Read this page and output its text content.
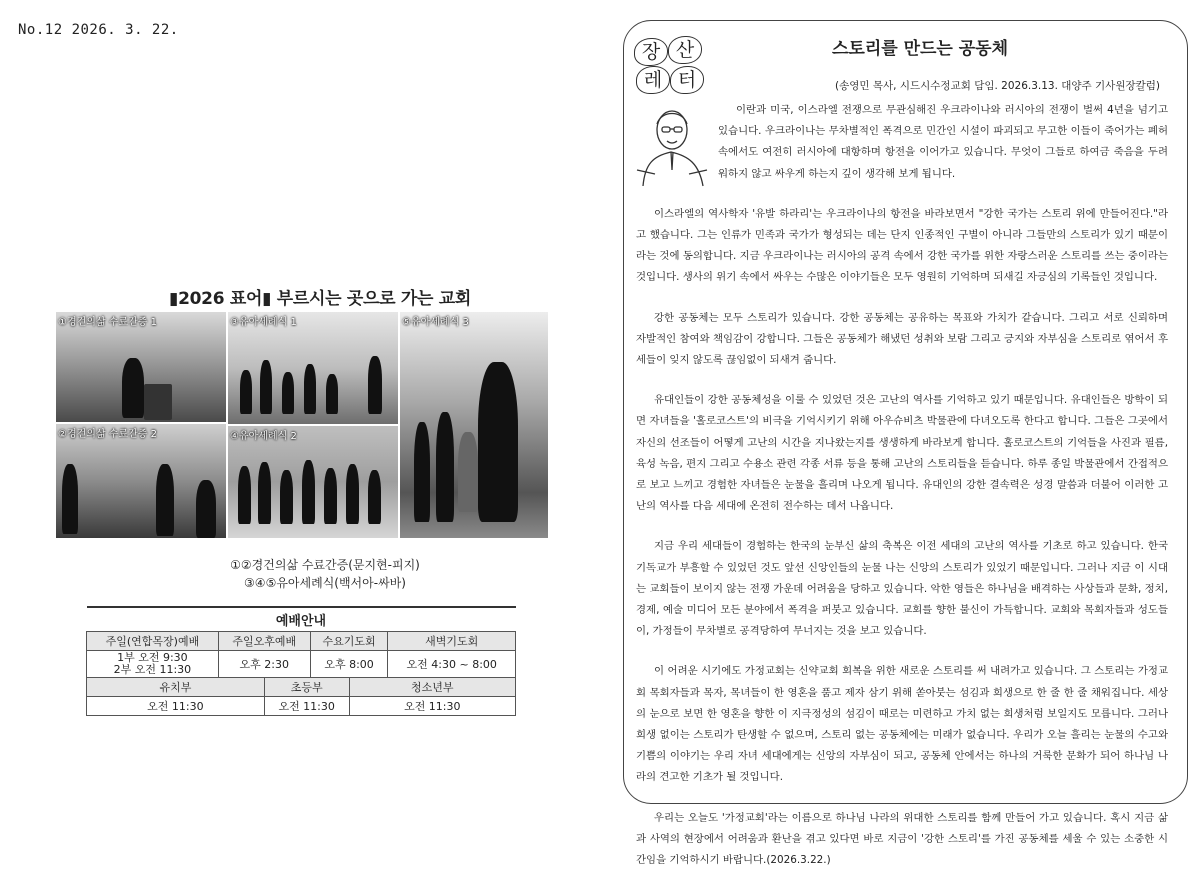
No.12 2026. 3. 22.
▮2026 표어▮ 부르시는 곳으로 가는 교회
①경건의삶 수료간증 1
②경건의삶 수료간증 2
③유아세례식 1
④유아세례식 2
⑤유아세례식 3
①②경건의삶 수료간증(문지현-피지)
③④⑤유아세례식(백서아-싸바)
예배안내					
주일(연합목장)예배	주일오후예배		수요기도회		새벽기도회

1부 오전 9:30
2부 오전 11:30	오후 2:30		오후 8:00		오전 4:30 ~ 8:00
유치부		초등부		청소년부	
오전 11:30		오전 11:30		오전 11:30	
장 산
레 터
스토리를 만드는 공동체
(송영민 목사, 시드시수정교회 담임. 2026.3.13. 대양주 기사원장칼럼)

이란과 미국, 이스라엘 전쟁으로 무관심해진 우크라이나와 러시아의 전쟁이 벌써 4년을 넘기고 있습니다. 우크라이나는 무차별적인 폭격으로 민간인 시설이 파괴되고 무고한 이들이 죽어가는 폐허 속에서도 여전히 러시아에 대항하며 항전을 이어가고 있습니다. 무엇이 그들로 하여금 죽음을 두려워하지 않고 싸우게 하는지 깊이 생각해 보게 됩니다.

이스라엘의 역사학자 '유발 하라리'는 우크라이나의 항전을 바라보면서 "강한 국가는 스토리 위에 만들어진다."라고 했습니다. 그는 인류가 민족과 국가가 형성되는 데는 단지 인종적인 구별이 아니라 그들만의 스토리가 있기 때문이라는 것에 동의합니다. 지금 우크라이나는 러시아의 공격 속에서 강한 국가를 위한 자랑스러운 스토리를 쓰는 중이라는 것입니다. 생사의 위기 속에서 싸우는 수많은 이야기들은 모두 영원히 기억하며 되새길 자긍심의 기록들인 것입니다.

강한 공동체는 모두 스토리가 있습니다. 강한 공동체는 공유하는 목표와 가치가 같습니다. 그리고 서로 신뢰하며 자발적인 참여와 책임감이 강합니다. 그들은 공동체가 해냈던 성취와 보람 그리고 긍지와 자부심을 스토리로 엮어서 후세들이 잊지 않도록 끊임없이 되새겨 줍니다.

유대인들이 강한 공동체성을 이룰 수 있었던 것은 고난의 역사를 기억하고 있기 때문입니다. 유대인들은 방학이 되면 자녀들을 '홀로코스트'의 비극을 기억시키기 위해 아우슈비츠 박물관에 다녀오도록 한다고 합니다. 그들은 그곳에서 자신의 선조들이 어떻게 고난의 시간을 지나왔는지를 생생하게 바라보게 합니다. 홀로코스트의 기억들을 사진과 필름, 육성 녹음, 편지 그리고 수용소 관련 각종 서류 등을 통해 고난의 스토리들을 듣습니다. 하루 종일 박물관에서 간접적으로 보고 느끼고 경험한 자녀들은 눈물을 흘리며 나오게 됩니다. 유대인의 강한 결속력은 성경 말씀과 더불어 이러한 고난의 역사를 다음 세대에 온전히 전수하는 데서 나옵니다.

지금 우리 세대들이 경험하는 한국의 눈부신 삶의 축복은 이전 세대의 고난의 역사를 기초로 하고 있습니다. 한국 기독교가 부흥할 수 있었던 것도 앞선 신앙인들의 눈물 나는 신앙의 스토리가 있었기 때문입니다. 그러나 지금 이 시대는 교회들이 보이지 않는 전쟁 가운데 어려움을 당하고 있습니다. 악한 영들은 하나님을 배격하는 사상들과 문화, 정치, 경제, 예술 미디어 모든 분야에서 폭격을 퍼붓고 있습니다. 교회를 향한 불신이 가득합니다. 교회와 목회자들과 성도들이, 가정들이 무차별로 공격당하여 무너지는 것을 보고 있습니다.

이 어려운 시기에도 가정교회는 신약교회 회복을 위한 새로운 스토리를 써 내려가고 있습니다. 그 스토리는 가정교회 목회자들과 목자, 목녀들이 한 영혼을 품고 제자 삼기 위해 쏟아붓는 섬김과 희생으로 한 줄 한 줄 채워집니다. 세상의 눈으로 보면 한 영혼을 향한 이 지극정성의 섬김이 때로는 미련하고 가치 없는 희생처럼 보일지도 모릅니다. 그러나 희생 없이는 스토리가 탄생할 수 없으며, 스토리 없는 공동체에는 미래가 없습니다. 우리가 오늘 흘리는 눈물의 수고와 기쁨의 이야기는 우리 자녀 세대에게는 신앙의 자부심이 되고, 공동체 안에서는 하나의 거룩한 문화가 되어 하나님 나라의 견고한 기초가 될 것입니다.

우리는 오늘도 '가정교회'라는 이름으로 하나님 나라의 위대한 스토리를 함께 만들어 가고 있습니다. 혹시 지금 삶과 사역의 현장에서 어려움과 환난을 겪고 있다면 바로 지금이 '강한 스토리'를 가진 공동체를 세울 수 있는 소중한 시간임을 기억하시기 바랍니다.(2026.3.22.)
